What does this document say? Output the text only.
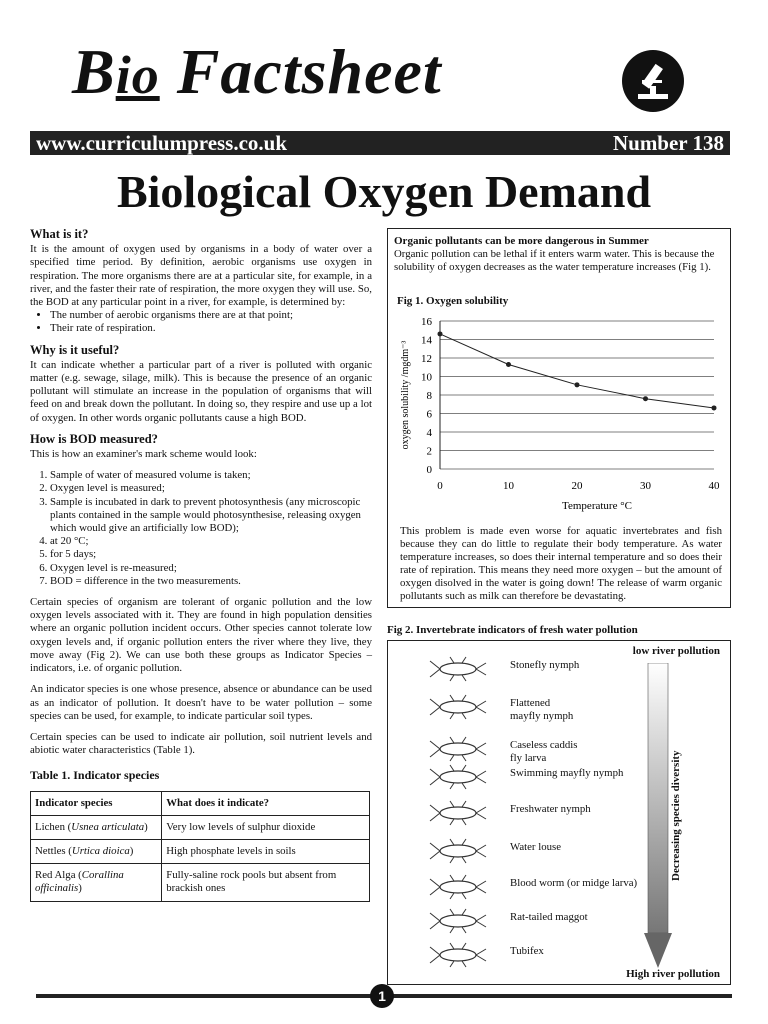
Bio Factsheet
www.curriculumpress.co.uk	Number 138
Biological Oxygen Demand
What is it?

It is the amount of oxygen used by organisms in a body of water over a specified time period. By definition, aerobic organisms use oxygen in respiration. The more organisms there are at a particular site, for example, in a river, and the faster their rate of respiration, the more oxygen they will use. So, the BOD at any particular point in a river, for example, is determined by:

• The number of aerobic organisms there are at that point;
• Their rate of respiration.
Why is it useful?

It can indicate whether a particular part of a river is polluted with organic matter (e.g. sewage, silage, milk). This is because the presence of an organic pollutant will stimulate an increase in the population of organisms that will feed on and break down the pollutant. In doing so, they respire and use up a lot of oxygen. In other words organic pollutants cause a high BOD.

How is BOD measured?

This is how an examiner's mark scheme would look:

1. Sample of water of measured volume is taken;
2. Oxygen level is measured;
3. Sample is incubated in dark to prevent photosynthesis (any microscopic plants contained in the sample would photosynthesise, releasing oxygen which would give an artificially low BOD);
4. at 20 °C;
5. for 5 days;
6. Oxygen level is re-measured;
7. BOD = difference in the two measurements.

Certain species of organism are tolerant of organic pollution and the low oxygen levels associated with it. They are found in high population densities where an organic pollution incident occurs. Other species cannot tolerate low oxygen levels and, if organic pollution enters the river where they live, they move away (Fig 2). We can use both these groups as Indicator Species – indicators, i.e. of organic pollution.

An indicator species is one whose presence, absence or abundance can be used as an indicator of pollution. It doesn't have to be water pollution – some species can be used, for example, to indicate particular soil types.

Certain species can be used to indicate air pollution, soil nutrient levels and abiotic water characteristics (Table 1).

Table 1. Indicator species
Indicator species	What does it indicate?
Lichen (Usnea articulata)	Very low levels of sulphur dioxide
Nettles (Urtica dioica)	High phosphate levels in soils
Red Alga (Corallina officinalis)	Fully-saline rock pools but absent from brackish ones
Organic pollutants can be more dangerous in Summer
Organic pollution can be lethal if it enters warm water. This is because the solubility of oxygen decreases as the water temperature increases (Fig 1).
Fig 1. Oxygen solubility
0
2
4
6
8
10
12
14
16
0	10	20	30	40
Temperature °C
oxygen solubility /mgdm⁻³
This problem is made even worse for aquatic invertebrates and fish because they can do little to regulate their body temperature. As water temperature increases, so does their internal temperature and so does their rate of repiration. This means they need more oxygen – but the amount of oxygen disolved in the water is going down! The release of warm organic pollutants such as milk can therefore be devastating.
Fig 2. Invertebrate indicators of fresh water pollution
low river pollution
Decreasing species diversity
Stonefly nymph
Flattened
mayfly nymph
Caseless caddis
fly larva
Swimming mayfly nymph
Freshwater nymph
Water louse
Blood worm (or midge larva)
Rat-tailed maggot
Tubifex
High river pollution
1
